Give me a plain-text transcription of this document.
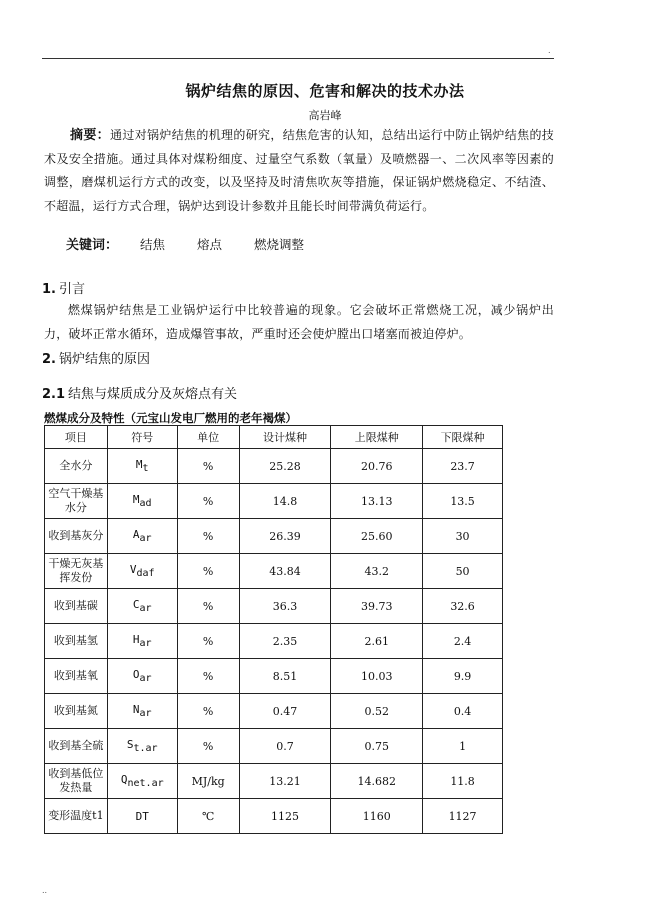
.
锅炉结焦的原因、危害和解决的技术办法
高岩峰
摘要：通过对锅炉结焦的机理的研究，结焦危害的认知，总结出运行中防止锅炉结焦的技术及安全措施。通过具体对煤粉细度、过量空气系数（氧量）及喷燃器一、二次风率等因素的调整，磨煤机运行方式的改变，以及坚持及时清焦吹灰等措施，保证锅炉燃烧稳定、不结渣、不超温，运行方式合理，锅炉达到设计参数并且能长时间带满负荷运行。
关键词： 结焦	熔点	燃烧调整
1. 引言
燃煤锅炉结焦是工业锅炉运行中比较普遍的现象。它会破坏正常燃烧工况，减少锅炉出力，破坏正常水循环，造成爆管事故，严重时还会使炉膛出口堵塞而被迫停炉。
2. 锅炉结焦的原因
2.1 结焦与煤质成分及灰熔点有关
燃煤成分及特性（元宝山发电厂燃用的老年褐煤）
项目	符号	单位	设计煤种	上限煤种	下限煤种
全水分	$M_t$	%	25.28	20.76	23.7
空气干燥基水分	$M_{ad}$	%	14.8	13.13	13.5
收到基灰分	$A_{ar}$	%	26.39	25.60	30
干燥无灰基挥发份	$V_{daf}$	%	43.84	43.2	50
收到基碳	$C_{ar}$	%	36.3	39.73	32.6
收到基氢	$H_{ar}$	%	2.35	2.61	2.4
收到基氧	$O_{ar}$	%	8.51	10.03	9.9
收到基氮	$N_{ar}$	%	0.47	0.52	0.4
收到基全硫	$S_{t.ar}$	%	0.7	0.75	1
收到基低位发热量	$Q_{net.ar}$	MJ/kg	13.21	14.682	11.8
变形温度t1	DT	℃	1125	1160	1127
..
